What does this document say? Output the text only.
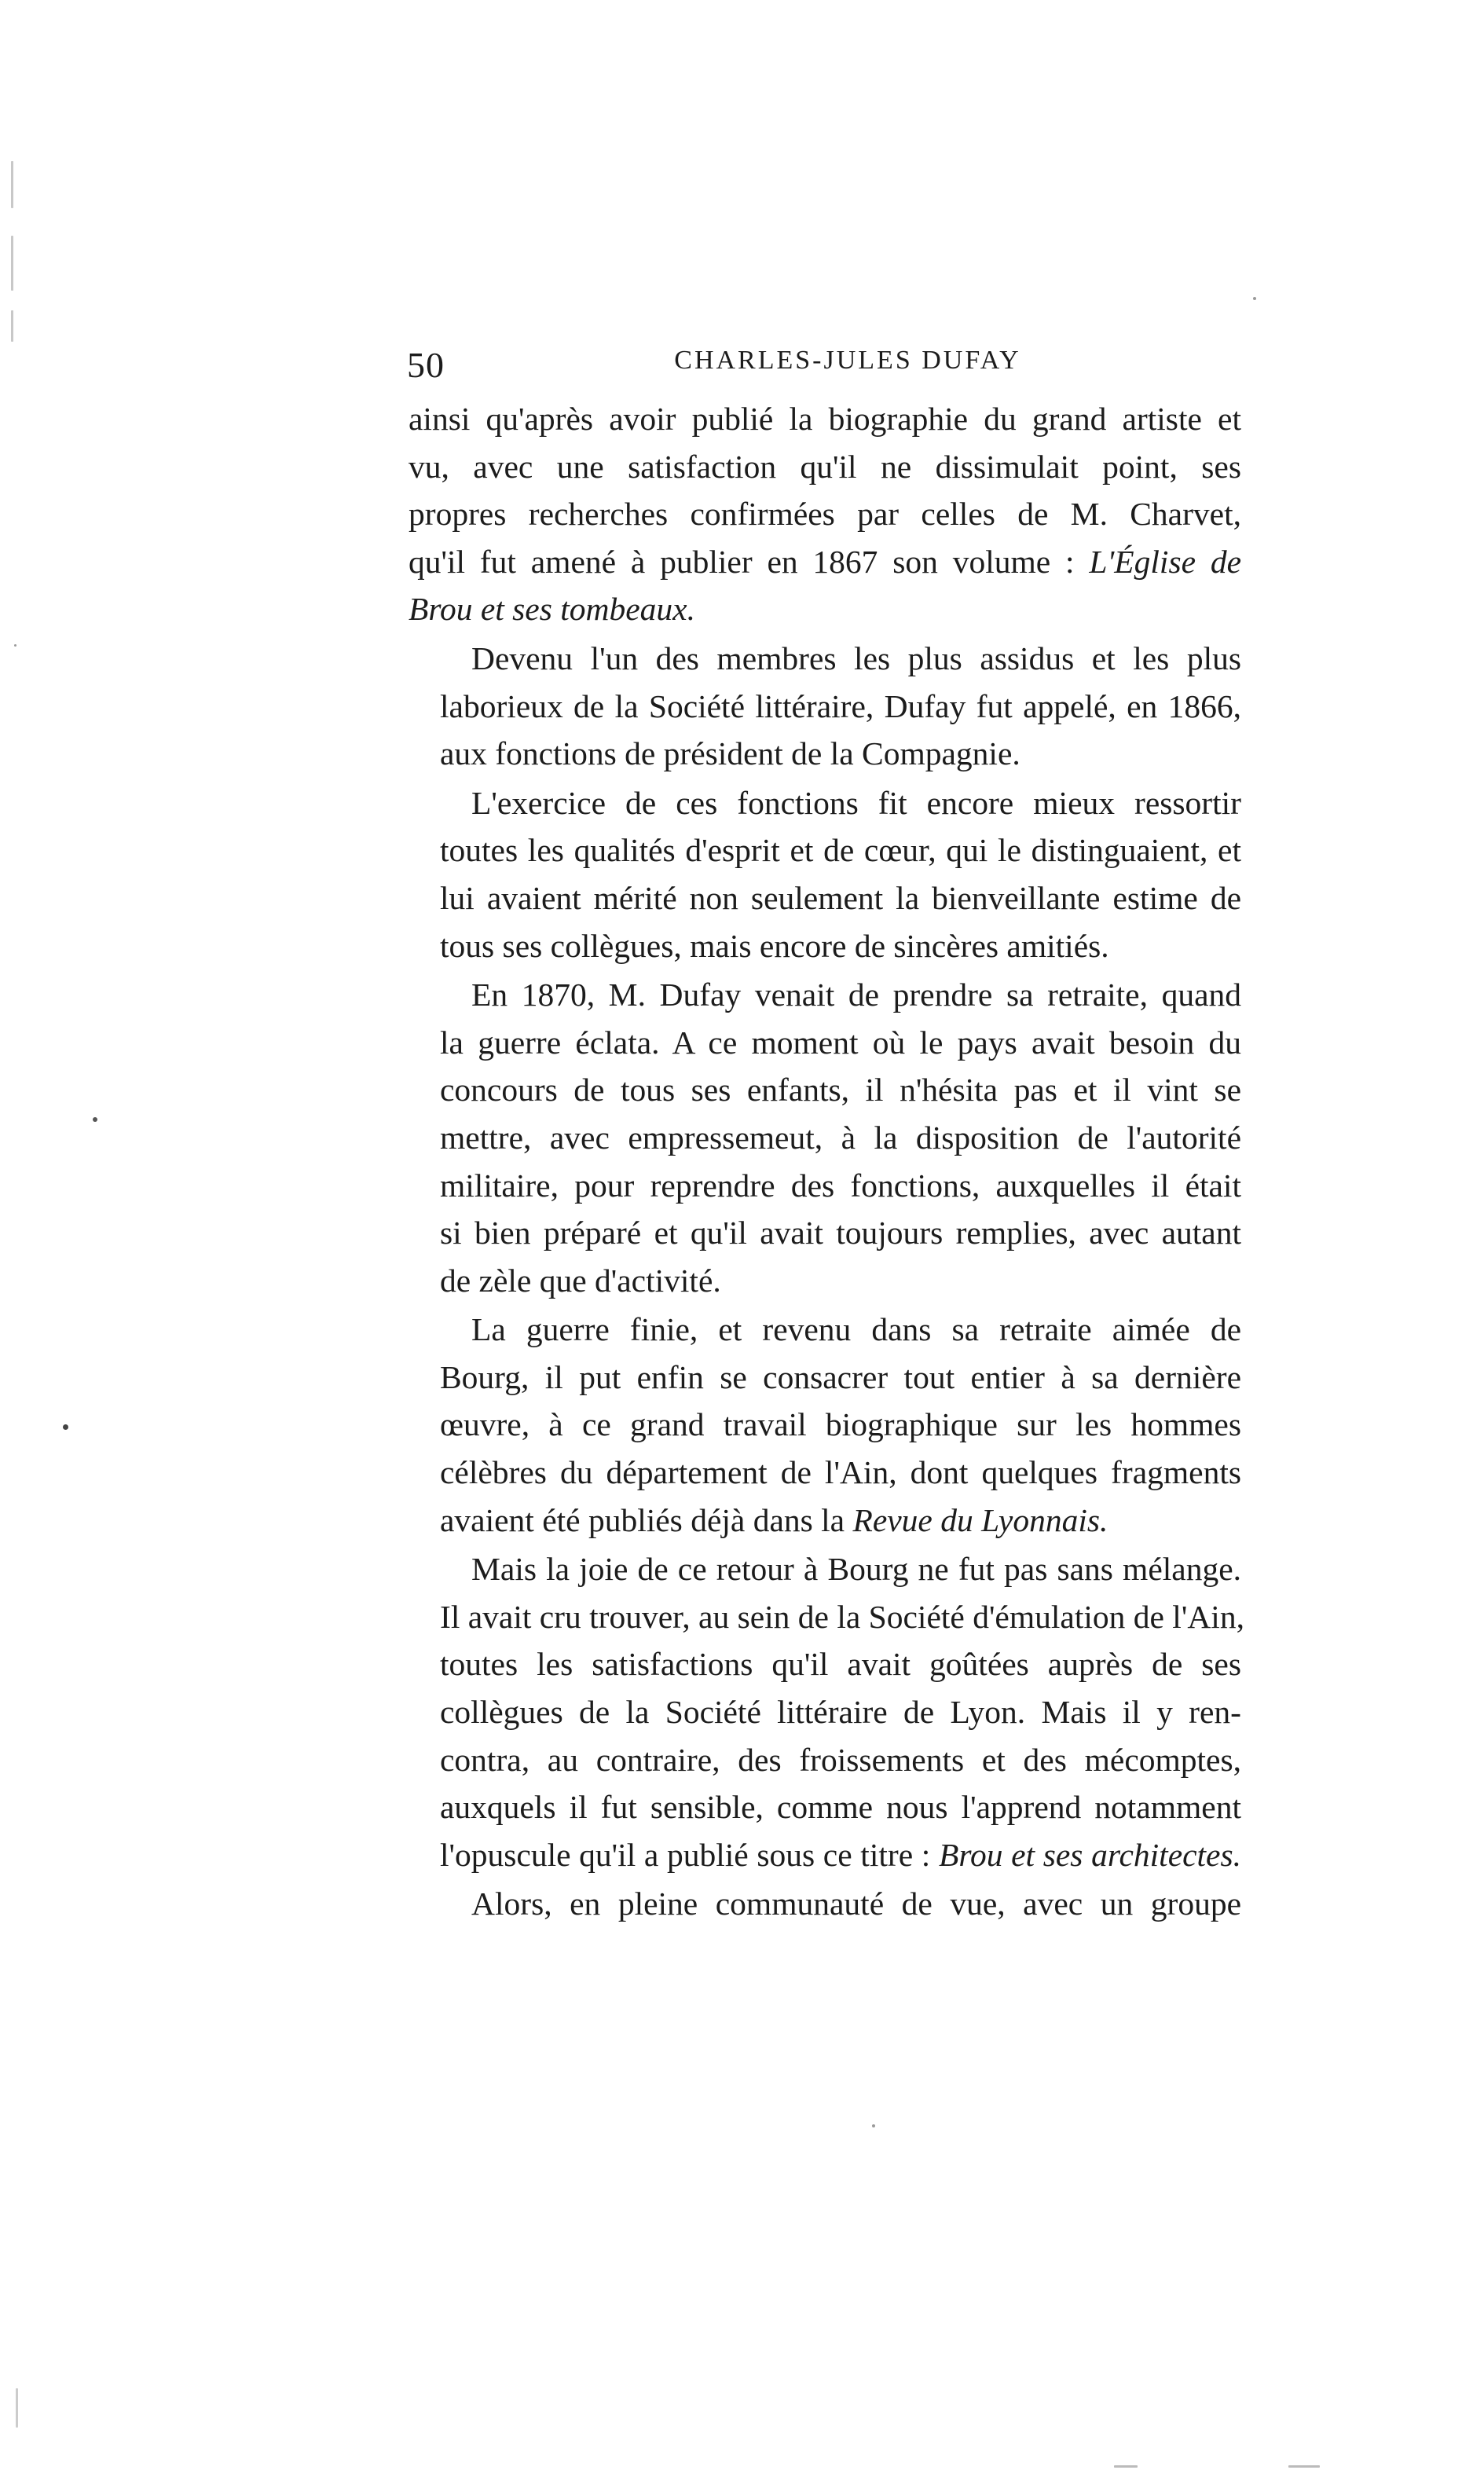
50	CHARLES-JULES DUFAY
ainsi qu'après avoir publié la biographie du grand artiste et
vu, avec une satisfaction qu'il ne dissimulait point, ses
propres recherches confirmées par celles de M. Charvet,
qu'il fut amené à publier en 1867 son volume : L'Église de
Brou et ses tombeaux.
Devenu l'un des membres les plus assidus et les plus
laborieux de la Société littéraire, Dufay fut appelé, en 1866,
aux fonctions de président de la Compagnie.
L'exercice de ces fonctions fit encore mieux ressortir
toutes les qualités d'esprit et de cœur, qui le distinguaient, et
lui avaient mérité non seulement la bienveillante estime de
tous ses collègues, mais encore de sincères amitiés.
En 1870, M. Dufay venait de prendre sa retraite, quand
la guerre éclata. A ce moment où le pays avait besoin du
concours de tous ses enfants, il n'hésita pas et il vint se
mettre, avec empressemeut, à la disposition de l'autorité
militaire, pour reprendre des fonctions, auxquelles il était
si bien préparé et qu'il avait toujours remplies, avec autant
de zèle que d'activité.
La guerre finie, et revenu dans sa retraite aimée de
Bourg, il put enfin se consacrer tout entier à sa dernière
œuvre, à ce grand travail biographique sur les hommes
célèbres du département de l'Ain, dont quelques fragments
avaient été publiés déjà dans la Revue du Lyonnais.
Mais la joie de ce retour à Bourg ne fut pas sans mélange.
Il avait cru trouver, au sein de la Société d'émulation de l'Ain,
toutes les satisfactions qu'il avait goûtées auprès de ses
collègues de la Société littéraire de Lyon. Mais il y ren-
contra, au contraire, des froissements et des mécomptes,
auxquels il fut sensible, comme nous l'apprend notamment
l'opuscule qu'il a publié sous ce titre : Brou et ses architectes.
Alors, en pleine communauté de vue, avec un groupe
